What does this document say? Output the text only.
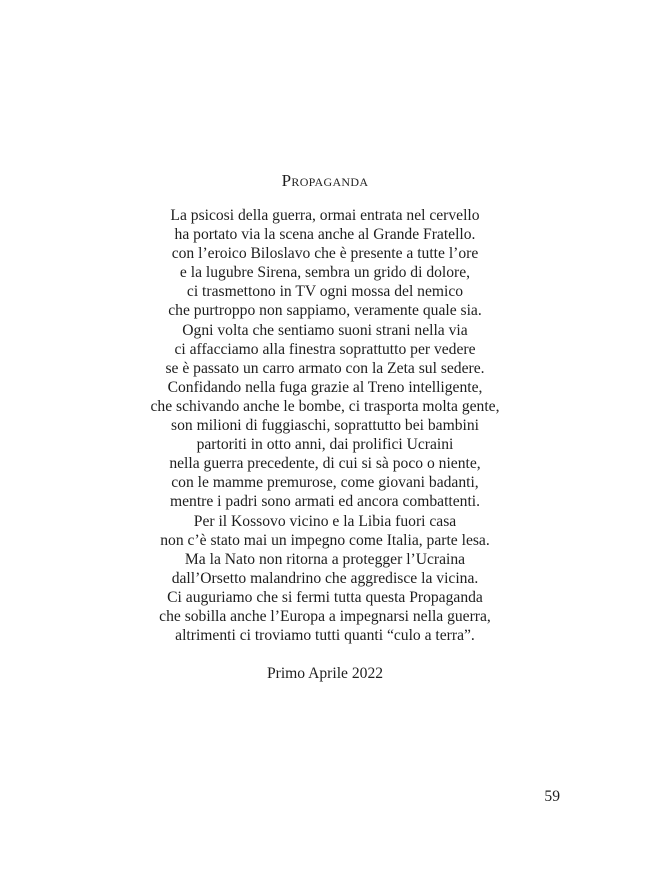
Propaganda
La psicosi della guerra, ormai entrata nel cervello
ha portato via la scena anche al Grande Fratello.
con l’eroico Biloslavo che è presente a tutte l’ore
e la lugubre Sirena, sembra un grido di dolore,
ci trasmettono in TV ogni mossa del nemico
che purtroppo non sappiamo, veramente quale sia.
Ogni volta che sentiamo suoni strani nella via
ci affacciamo alla finestra soprattutto per vedere
se è passato un carro armato con la Zeta sul sedere.
Confidando nella fuga grazie al Treno intelligente,
che schivando anche le bombe, ci trasporta molta gente,
son milioni di fuggiaschi, soprattutto bei bambini
partoriti in otto anni, dai prolifici Ucraini
nella guerra precedente, di cui si sà poco o niente,
con le mamme premurose, come giovani badanti,
mentre i padri sono armati ed ancora combattenti.
Per il Kossovo vicino e la Libia fuori casa
non c’è stato mai un impegno come Italia, parte lesa.
Ma la Nato non ritorna a protegger l’Ucraina
dall’Orsetto malandrino che aggredisce la vicina.
Ci auguriamo che si fermi tutta questa Propaganda
che sobilla anche l’Europa a impegnarsi nella guerra,
altrimenti ci troviamo tutti quanti “culo a terra”.
Primo Aprile 2022
59
